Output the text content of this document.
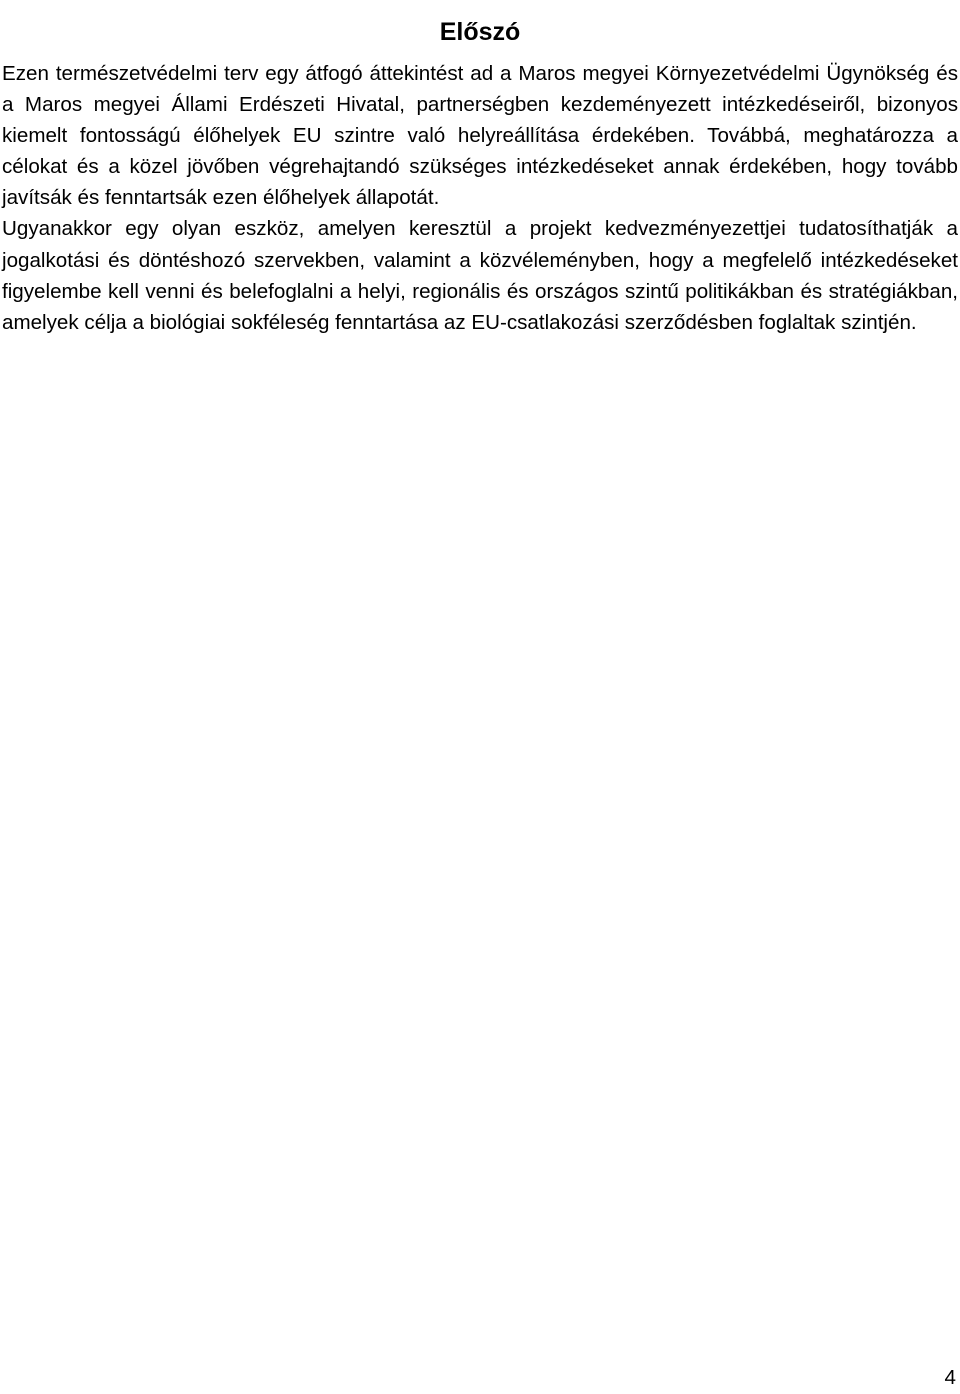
Előszó

Ezen természetvédelmi terv egy átfogó áttekintést ad a Maros megyei Környezetvédelmi Ügynökség és a Maros megyei Állami Erdészeti Hivatal, partnerségben kezdeményezett intézkedéseiről, bizonyos kiemelt fontosságú élőhelyek EU szintre való helyreállítása érdekében. Továbbá, meghatározza a célokat és a közel jövőben végrehajtandó szükséges intézkedéseket annak érdekében, hogy tovább javítsák és fenntartsák ezen élőhelyek állapotát.

Ugyanakkor egy olyan eszköz, amelyen keresztül a projekt kedvezményezettjei tudatosíthatják a jogalkotási és döntéshozó szervekben, valamint a közvéleményben, hogy a megfelelő intézkedéseket figyelembe kell venni és belefoglalni a helyi, regionális és országos szintű politikákban és stratégiákban, amelyek célja a biológiai sokféleség fenntartása az EU-csatlakozási szerződésben foglaltak szintjén.

4
